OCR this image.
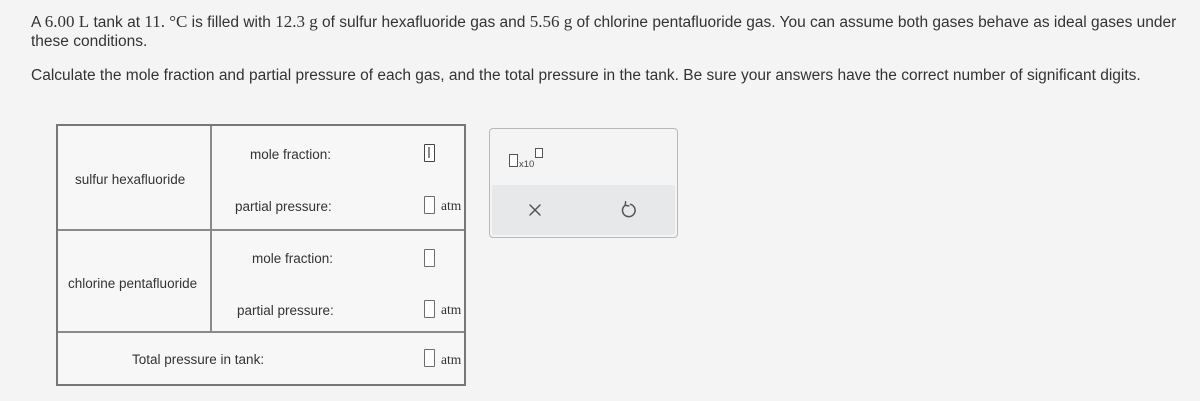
A 6.00 L tank at 11. °C is filled with 12.3 g of sulfur hexafluoride gas and 5.56 g of chlorine pentafluoride gas. You can assume both gases behave as ideal gases under these conditions.

Calculate the mole fraction and partial pressure of each gas, and the total pressure in the tank. Be sure your answers have the correct number of significant digits.

sulfur hexafluoride
mole fraction:
partial pressure:	atm
chlorine pentafluoride
mole fraction:
partial pressure:	atm
Total pressure in tank:	atm
x10
